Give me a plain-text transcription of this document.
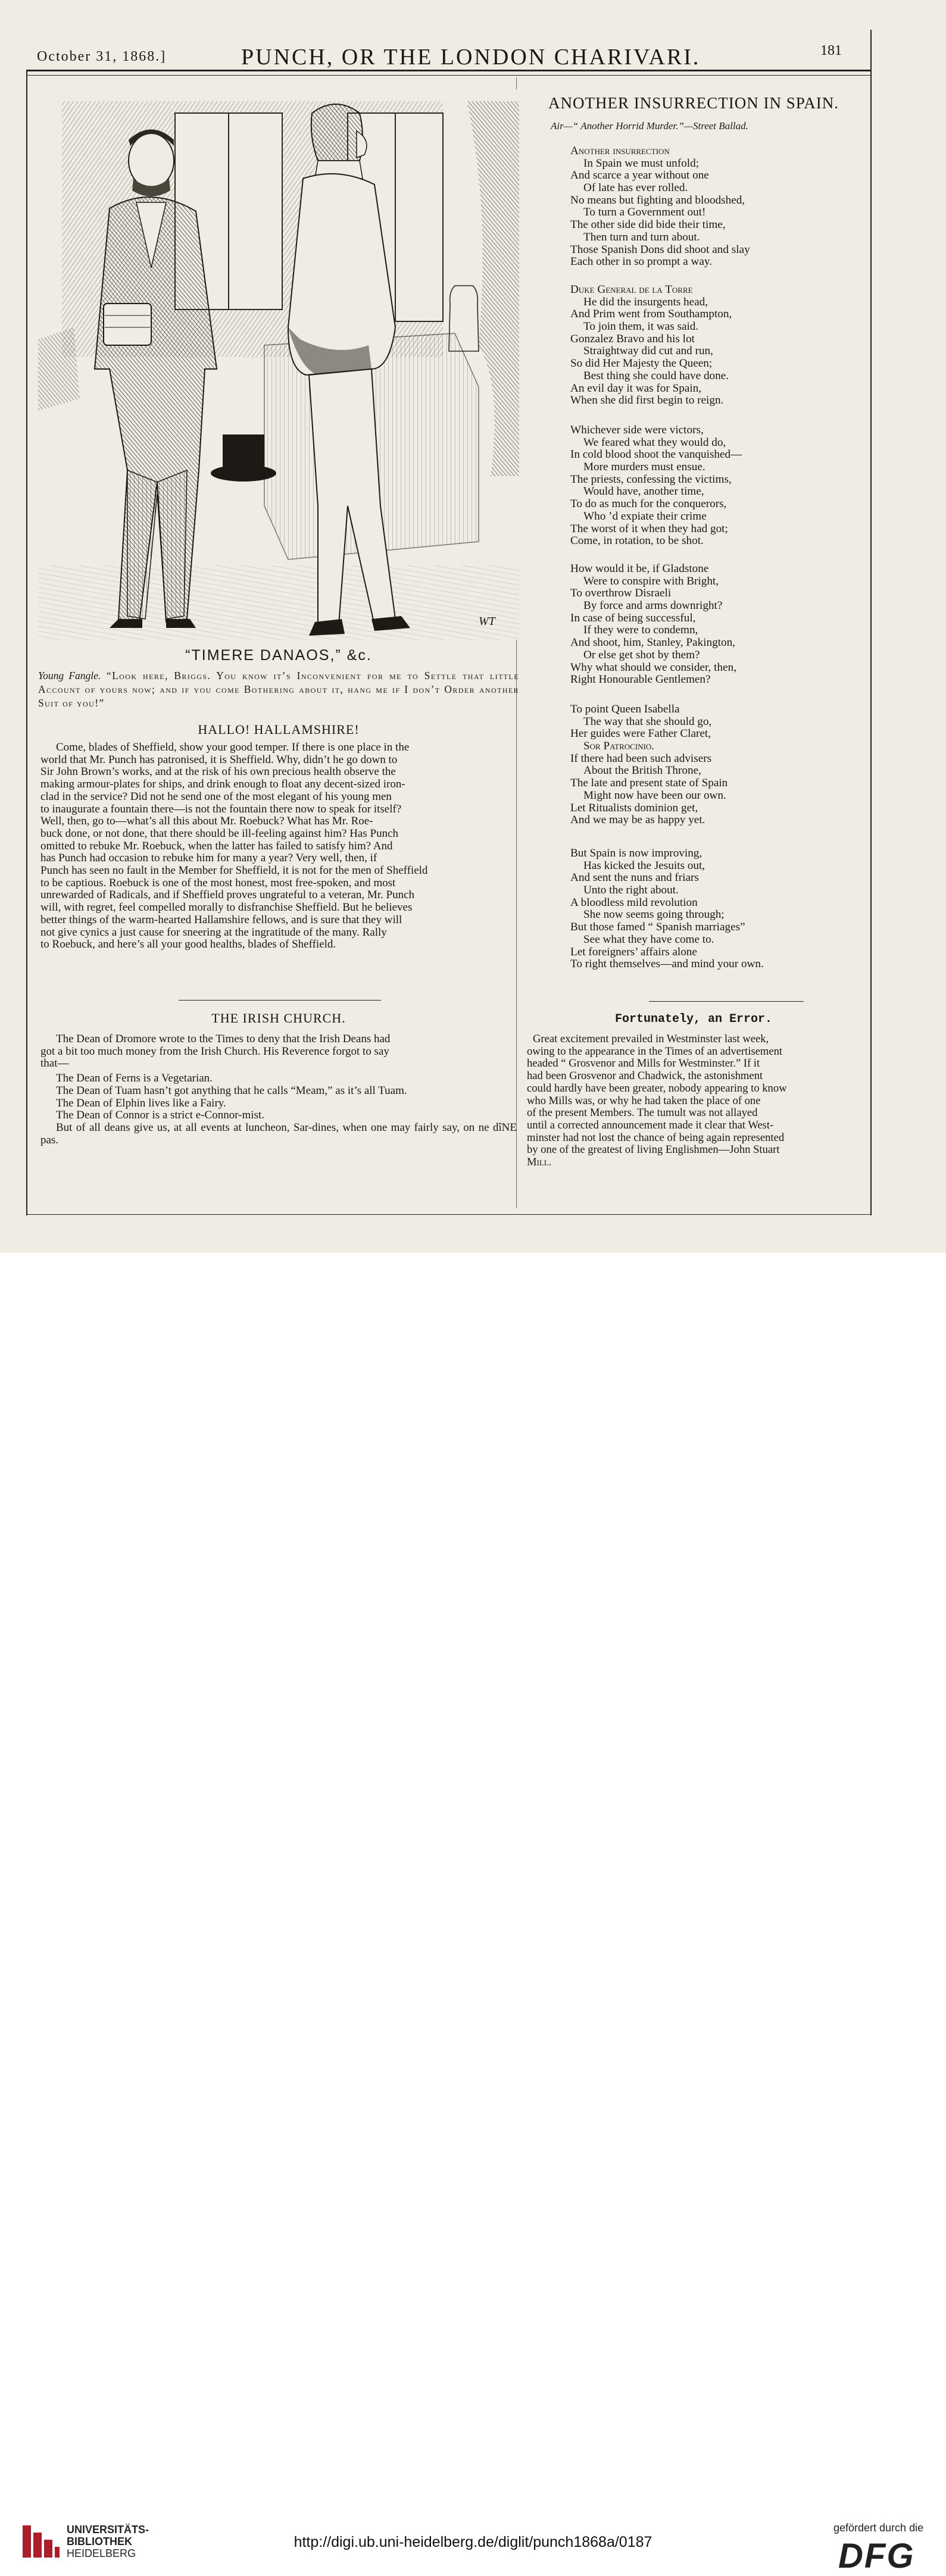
October 31, 1868.]	PUNCH, OR THE LONDON CHARIVARI.	181
WT
“TIMERE DANAOS,” &c.
Young Fangle. “Look here, Briggs. You know it’s Inconvenient for me to Settle that little Account of yours now; and if you come Bothering about it, hang me if I don’t Order another Suit of you!”
HALLO! HALLAMSHIRE!
Come, blades of Sheffield, show your good temper. If there is one place in the
world that Mr. Punch has patronised, it is Sheffield. Why, didn’t he go down to
Sir John Brown’s works, and at the risk of his own precious health observe the
making armour-plates for ships, and drink enough to float any decent-sized iron-
clad in the service? Did not he send one of the most elegant of his young men
to inaugurate a fountain there—is not the fountain there now to speak for itself?
Well, then, go to—what’s all this about Mr. Roebuck? What has Mr. Roe-
buck done, or not done, that there should be ill-feeling against him? Has Punch
omitted to rebuke Mr. Roebuck, when the latter has failed to satisfy him? And
has Punch had occasion to rebuke him for many a year? Very well, then, if
Punch has seen no fault in the Member for Sheffield, it is not for the men of Sheffield
to be captious. Roebuck is one of the most honest, most free-spoken, and most
unrewarded of Radicals, and if Sheffield proves ungrateful to a veteran, Mr. Punch
will, with regret, feel compelled morally to disfranchise Sheffield. But he believes
better things of the warm-hearted Hallamshire fellows, and is sure that they will
not give cynics a just cause for sneering at the ingratitude of the many. Rally
to Roebuck, and here’s all your good healths, blades of Sheffield.
THE IRISH CHURCH.
The Dean of Dromore wrote to the Times to deny that the Irish Deans had
got a bit too much money from the Irish Church. His Reverence forgot to say
that—
The Dean of Ferns is a Vegetarian.
The Dean of Tuam hasn’t got anything that he calls “Meam,” as it’s all Tuam.
The Dean of Elphin lives like a Fairy.
The Dean of Connor is a strict e-Connor-mist.
But of all deans give us, at all events at luncheon, Sar-dines, when one may fairly say, on ne dîNE pas.
ANOTHER INSURRECTION IN SPAIN.
Air—“ Another Horrid Murder.”—Street Ballad.
Another insurrection
In Spain we must unfold;
And scarce a year without one
Of late has ever rolled.
No means but fighting and bloodshed,
To turn a Government out!
The other side did bide their time,
Then turn and turn about.
Those Spanish Dons did shoot and slay
Each other in so prompt a way.
Duke General de la Torre
He did the insurgents head,
And Prim went from Southampton,
To join them, it was said.
Gonzalez Bravo and his lot
Straightway did cut and run,
So did Her Majesty the Queen;
Best thing she could have done.
An evil day it was for Spain,
When she did first begin to reign.
Whichever side were victors,
We feared what they would do,
In cold blood shoot the vanquished—
More murders must ensue.
The priests, confessing the victims,
Would have, another time,
To do as much for the conquerors,
Who ’d expiate their crime
The worst of it when they had got;
Come, in rotation, to be shot.
How would it be, if Gladstone
Were to conspire with Bright,
To overthrow Disraeli
By force and arms downright?
In case of being successful,
If they were to condemn,
And shoot, him, Stanley, Pakington,
Or else get shot by them?
Why what should we consider, then,
Right Honourable Gentlemen?
To point Queen Isabella
The way that she should go,
Her guides were Father Claret,
Sor Patrocinio.
If there had been such advisers
About the British Throne,
The late and present state of Spain
Might now have been our own.
Let Ritualists dominion get,
And we may be as happy yet.
But Spain is now improving,
Has kicked the Jesuits out,
And sent the nuns and friars
Unto the right about.
A bloodless mild revolution
She now seems going through;
But those famed “ Spanish marriages”
See what they have come to.
Let foreigners’ affairs alone
To right themselves—and mind your own.
Fortunately, an Error.
Great excitement prevailed in Westminster last week,
owing to the appearance in the Times of an advertisement
headed “ Grosvenor and Mills for Westminster.” If it
had been Grosvenor and Chadwick, the astonishment
could hardly have been greater, nobody appearing to know
who Mills was, or why he had taken the place of one
of the present Members. The tumult was not allayed
until a corrected announcement made it clear that West-
minster had not lost the chance of being again represented
by one of the greatest of living Englishmen—John Stuart
Mill.
UNIVERSITÄTS-
BIBLIOTHEK
HEIDELBERG
http://digi.ub.uni-heidelberg.de/diglit/punch1868a/0187
gefördert durch die
DFG
